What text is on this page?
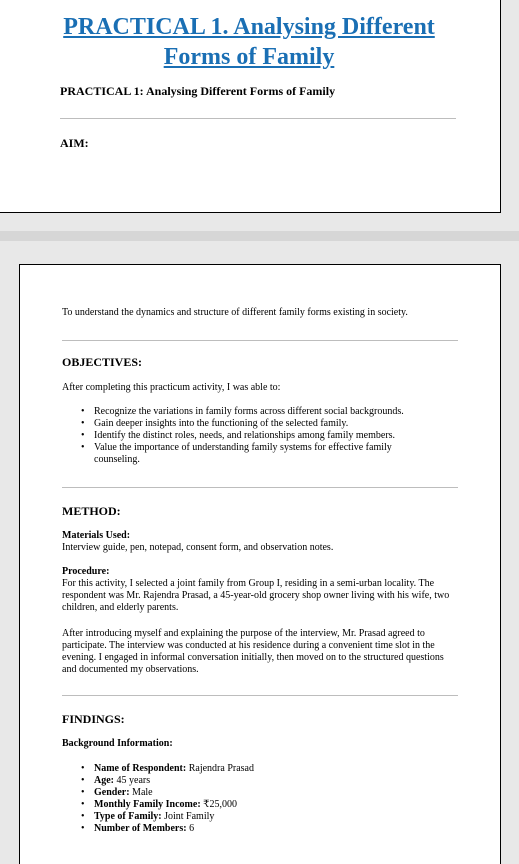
PRACTICAL 1. Analysing Different
Forms of Family
PRACTICAL 1: Analysing Different Forms of Family
AIM:
To understand the dynamics and structure of different family forms existing in society.
OBJECTIVES:
After completing this practicum activity, I was able to:
• Recognize the variations in family forms across different social backgrounds.
• Gain deeper insights into the functioning of the selected family.
• Identify the distinct roles, needs, and relationships among family members.
• Value the importance of understanding family systems for effective family counseling.
METHOD:
Materials Used:
Interview guide, pen, notepad, consent form, and observation notes.
Procedure:
For this activity, I selected a joint family from Group I, residing in a semi-urban locality. The respondent was Mr. Rajendra Prasad, a 45-year-old grocery shop owner living with his wife, two children, and elderly parents.
After introducing myself and explaining the purpose of the interview, Mr. Prasad agreed to participate. The interview was conducted at his residence during a convenient time slot in the evening. I engaged in informal conversation initially, then moved on to the structured questions and documented my observations.
FINDINGS:
Background Information:
• Name of Respondent: Rajendra Prasad
• Age: 45 years
• Gender: Male
• Monthly Family Income: ₹25,000
• Type of Family: Joint Family
• Number of Members: 6
